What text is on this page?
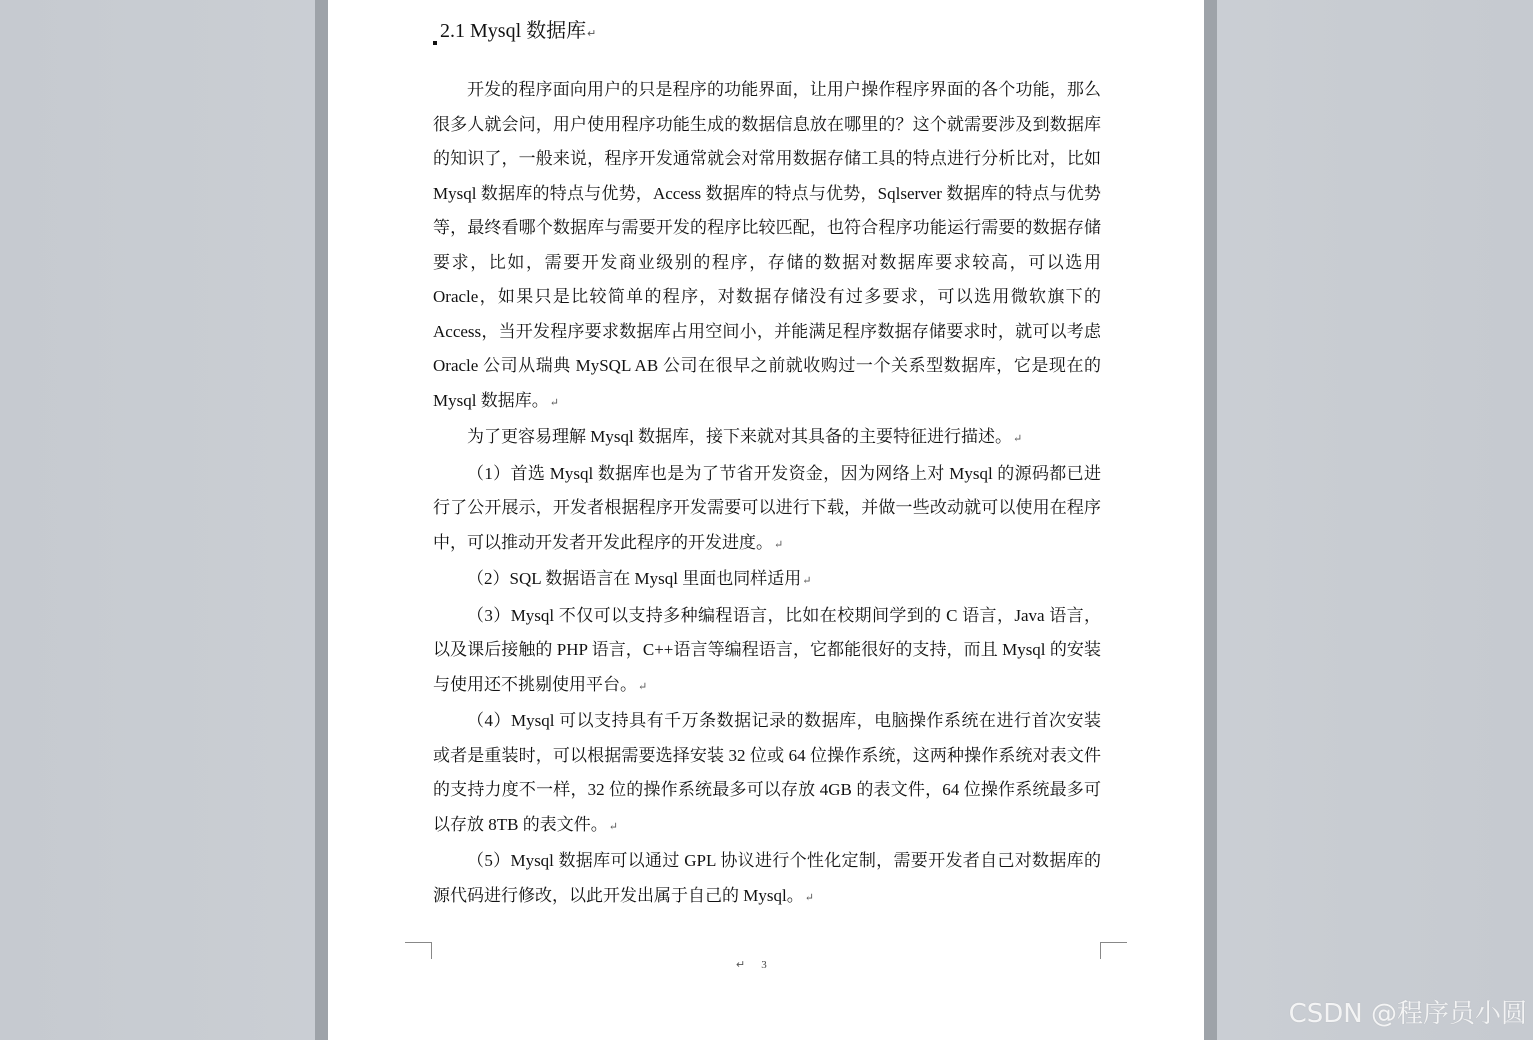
2.1 Mysql 数据库↵

开发的程序面向用户的只是程序的功能界面，让用户操作程序界面的各个功能，那么很多人就会问，用户使用程序功能生成的数据信息放在哪里的？这个就需要涉及到数据库的知识了，一般来说，程序开发通常就会对常用数据存储工具的特点进行分析比对，比如 Mysql 数据库的特点与优势，Access 数据库的特点与优势，Sqlserver 数据库的特点与优势等，最终看哪个数据库与需要开发的程序比较匹配，也符合程序功能运行需要的数据存储要求，比如，需要开发商业级别的程序，存储的数据对数据库要求较高，可以选用 Oracle，如果只是比较简单的程序，对数据存储没有过多要求，可以选用微软旗下的 Access，当开发程序要求数据库占用空间小，并能满足程序数据存储要求时，就可以考虑 Oracle 公司从瑞典 MySQL AB 公司在很早之前就收购过一个关系型数据库，它是现在的 Mysql 数据库。↵

为了更容易理解 Mysql 数据库，接下来就对其具备的主要特征进行描述。↵

（1）首选 Mysql 数据库也是为了节省开发资金，因为网络上对 Mysql 的源码都已进行了公开展示，开发者根据程序开发需要可以进行下载，并做一些改动就可以使用在程序中，可以推动开发者开发此程序的开发进度。↵

（2）SQL 数据语言在 Mysql 里面也同样适用↵

（3）Mysql 不仅可以支持多种编程语言，比如在校期间学到的 C 语言，Java 语言，以及课后接触的 PHP 语言，C++语言等编程语言，它都能很好的支持，而且 Mysql 的安装与使用还不挑剔使用平台。↵

（4）Mysql 可以支持具有千万条数据记录的数据库，电脑操作系统在进行首次安装或者是重装时，可以根据需要选择安装 32 位或 64 位操作系统，这两种操作系统对表文件的支持力度不一样，32 位的操作系统最多可以存放 4GB 的表文件，64 位操作系统最多可以存放 8TB 的表文件。↵

（5）Mysql 数据库可以通过 GPL 协议进行个性化定制，需要开发者自己对数据库的源代码进行修改，以此开发出属于自己的 Mysql。↵

↵ 3
CSDN @程序员小圆
